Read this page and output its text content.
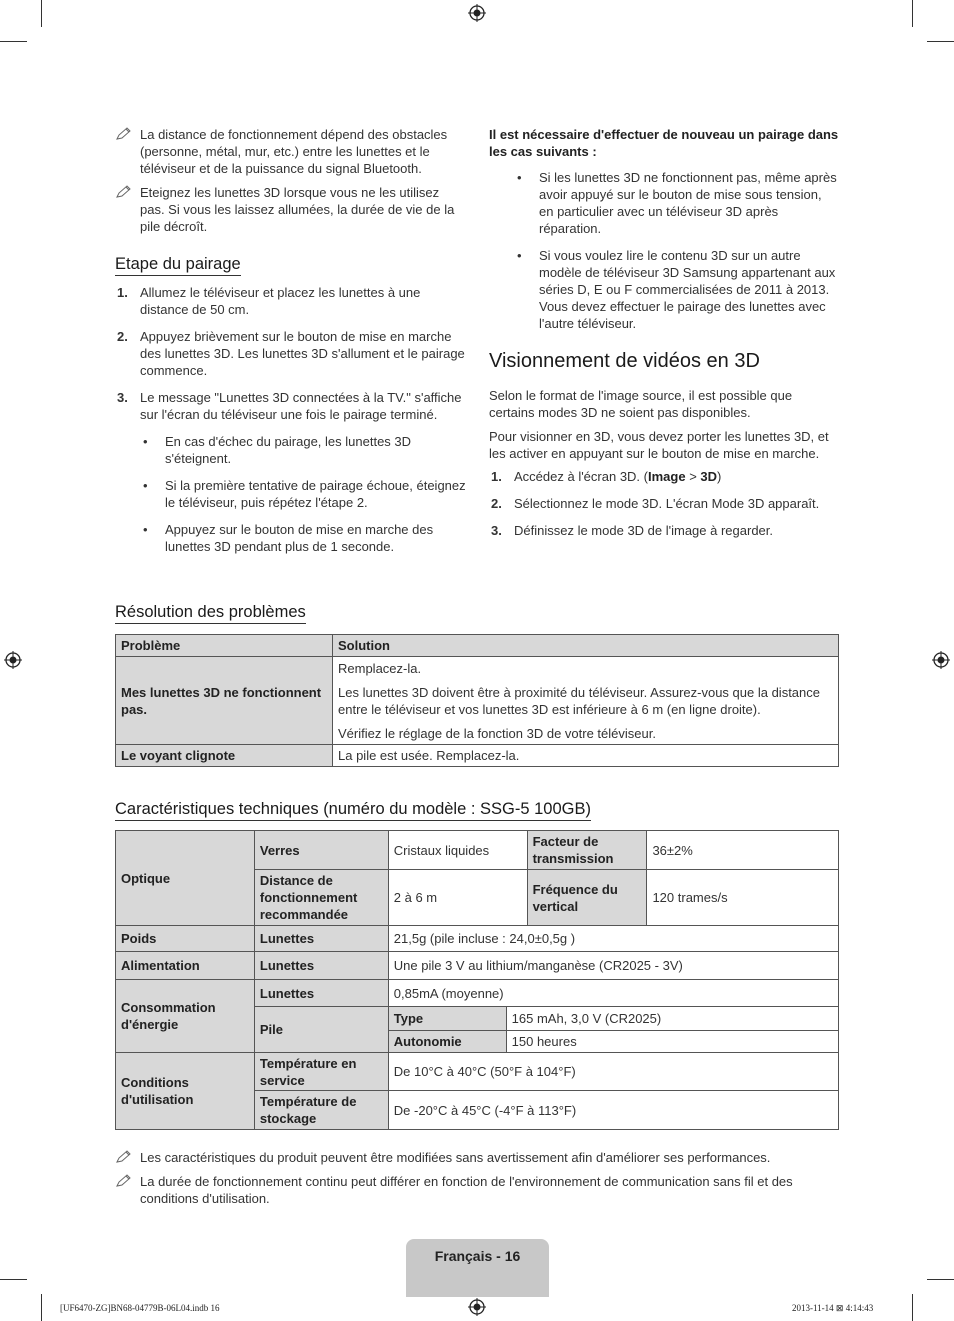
La distance de fonctionnement dépend des obstacles (personne, métal, mur, etc.) entre les lunettes et le téléviseur et de la puissance du signal Bluetooth.
Eteignez les lunettes 3D lorsque vous ne les utilisez pas. Si vous les laissez allumées, la durée de vie de la pile décroît.
Etape du pairage
1. Allumez le téléviseur et placez les lunettes à une distance de 50 cm.
2. Appuyez brièvement sur le bouton de mise en marche des lunettes 3D. Les lunettes 3D s'allument et le pairage commence.
3. Le message "Lunettes 3D connectées à la TV." s'affiche sur l'écran du téléviseur une fois le pairage terminé.
• En cas d'échec du pairage, les lunettes 3D s'éteignent.
• Si la première tentative de pairage échoue, éteignez le téléviseur, puis répétez l'étape 2.
• Appuyez sur le bouton de mise en marche des lunettes 3D pendant plus de 1 seconde.

Il est nécessaire d'effectuer de nouveau un pairage dans les cas suivants :

• Si les lunettes 3D ne fonctionnent pas, même après avoir appuyé sur le bouton de mise sous tension, en particulier avec un téléviseur 3D après réparation.
• Si vous voulez lire le contenu 3D sur un autre modèle de téléviseur 3D Samsung appartenant aux séries D, E ou F commercialisées de 2011 à 2013. Vous devez effectuer le pairage des lunettes avec l'autre téléviseur.
Visionnement de vidéos en 3D

Selon le format de l'image source, il est possible que certains modes 3D ne soient pas disponibles.

Pour visionner en 3D, vous devez porter les lunettes 3D, et les activer en appuyant sur le bouton de mise en marche.

1. Accédez à l'écran 3D. (Image > 3D)
2. Sélectionnez le mode 3D. L'écran Mode 3D apparaît.
3. Définissez le mode 3D de l'image à regarder.
Résolution des problèmes
Problème	Solution
Mes lunettes 3D ne fonctionnent pas.	Remplacez-la.
Les lunettes 3D doivent être à proximité du téléviseur. Assurez-vous que la distance entre le téléviseur et vos lunettes 3D est inférieure à 6 m (en ligne droite).
Vérifiez le réglage de la fonction 3D de votre téléviseur.

Le voyant clignote	La pile est usée. Remplacez-la.
Caractéristiques techniques (numéro du modèle : SSG-5 100GB)
Optique	Verres	Cristaux liquides		Facteur de transmission	36±2%
	Distance de fonctionnement recommandée	2 à 6 m		Fréquence du vertical	120 trames/s
Poids	Lunettes	21,5g (pile incluse : 24,0±0,5g )			
Alimentation	Lunettes	Une pile 3 V au lithium/manganèse (CR2025 - 3V)			
Consommation d'énergie	Lunettes	0,85mA (moyenne)			
	Pile	Type	165 mAh, 3,0 V (CR2025)		
		Autonomie	150 heures		
Conditions d'utilisation	Température en service	De 10°C à 40°C (50°F à 104°F)			
	Température de stockage	De -20°C à 45°C (-4°F à 113°F)			
Les caractéristiques du produit peuvent être modifiées sans avertissement afin d'améliorer ses performances.
La durée de fonctionnement continu peut différer en fonction de l'environnement de communication sans fil et des conditions d'utilisation.
Français - 16
[UF6470-ZG]BN68-04779B-06L04.indb 16	2013-11-14 ⊠ 4:14:43
